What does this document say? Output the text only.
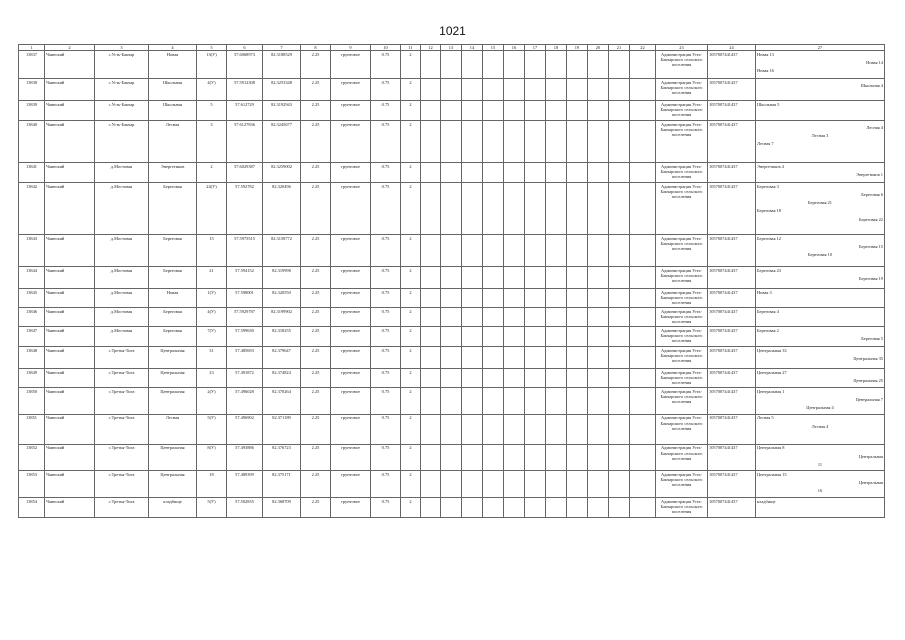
1021
1	2	3	4	5	6	7	8	9	10	11	12	13	14	15	16	17	18	19	20	21	22	23	24	27
13837	Чаинский	с.Усть-Бакчар	Новая	13(У)	57.6068973	82.3188529	2.25	грунтовое	0.75	2												Администрация Усть-Бакчарского сельского поселения	1057007441437	Новая 13
Новая 14
Новая 16

13838	Чаинский	с.Усть-Бакчар	Школьная	4(У)	57.5912308	82.3253348	2.25	грунтовое	0.75	2												Администрация Усть-Бакчарского сельского поселения	1057007441437	Школьная 4

13839	Чаинский	с.Усть-Бакчар	Школьная	5	57.612729	82.3192943	2.25	грунтовое	0.75	2												Администрация Усть-Бакчарского сельского поселения	1057007441437	Школьная 5

13840	Чаинский	с.Усть-Бакчар	Лесная	3	57.6127836	82.3245677	2.25	грунтовое	0.75	2												Администрация Усть-Бакчарского сельского поселения	1057007441437	Лесная 4
Лесная 3
Лесная 7

13841	Чаинский	д.Мостовая	Энергетиков	2	57.6029387	82.3259002	2.25	грунтовое	0.75	2												Администрация Усть-Бакчарского сельского поселения	1057007441437	Энергетиков 4
Энергетиков 1

13842	Чаинский	д.Мостовая	Береговая	24(У)	57.592782	82.320496	2.25	грунтовое	0.75	2												Администрация Усть-Бакчарского сельского поселения	1057007441437	Береговая 3
Береговая 6
Береговая 21
Береговая 18
Береговая 22

13843	Чаинский	д.Мостовая	Береговая	15	57.5975515	82.3158772	2.25	грунтовое	0.75	2												Администрация Усть-Бакчарского сельского поселения	1057007441437	Береговая 12
Береговая 15
Береговая 10

13844	Чаинский	д.Мостовая	Береговая	21	57.594152	82.319998	2.25	грунтовое	0.75	2												Администрация Усть-Бакчарского сельского поселения	1057007441437	Береговая 23
Береговая 19

13845	Чаинский	д.Мостовая	Новая	1(У)	57.598001	82.320550	2.25	грунтовое	0.75	2												Администрация Усть-Бакчарского сельского поселения	1057007441437	Новая 3

13846	Чаинский	д.Мостовая	Береговая	4(У)	57.5929787	82.3199902	2.25	грунтовое	0.75	2												Администрация Усть-Бакчарского сельского поселения	1057007441437	Береговая 4

13847	Чаинский	д.Мостовая	Береговая	7(У)	57.599630	82.318255	2.25	грунтовое	0.75	2												Администрация Усть-Бакчарского сельского поселения	1057007441437	Береговая 2
Береговая 5

13848	Чаинский	с.Третья-Тига	Центральная	31	57.485693	82.379647	2.25	грунтовое	0.75	2												Администрация Усть-Бакчарского сельского поселения	1057007441437	Центральная 33
Центральная 35

13849	Чаинский	с.Третья-Тига	Центральная	23	57.491872	82.374824	2.25	грунтовое	0.75	2												Администрация Усть-Бакчарского сельского поселения	1057007441437	Центральная 27
Центральная 25

13850	Чаинский	с.Третья-Тига	Центральная	2(У)	57.496028	82.370264	2.25	грунтовое	0.75	2												Администрация Усть-Бакчарского сельского поселения	1057007441437	Центральная 1
Центральная 7
Центральная 4

13851	Чаинский	с.Третья-Тига	Лесная	5(У)	57.496902	82.371189	2.25	грунтовое	0.75	2												Администрация Усть-Бакчарского сельского поселения	1057007441437	Лесная 5
Лесная 4

13852	Чаинский	с.Третья-Тига	Центральная	8(У)	57.493886	82.376723	2.25	грунтовое	0.75	2												Администрация Усть-Бакчарского сельского поселения	1057007441437	Центральная 8
Центральная
11

13853	Чаинский	с.Третья-Тига	Центральная	18	57.489399	82.375171	2.25	грунтовое	0.75	2												Администрация Усть-Бакчарского сельского поселения	1057007441437	Центральная 15
Центральная
16

13854	Чаинский	с.Третья-Тига	кладбище	5(У)	57.502835	82.368709	2.25	грунтовое	0.75	2												Администрация Усть-Бакчарского сельского поселения	1057007441437	кладбище
